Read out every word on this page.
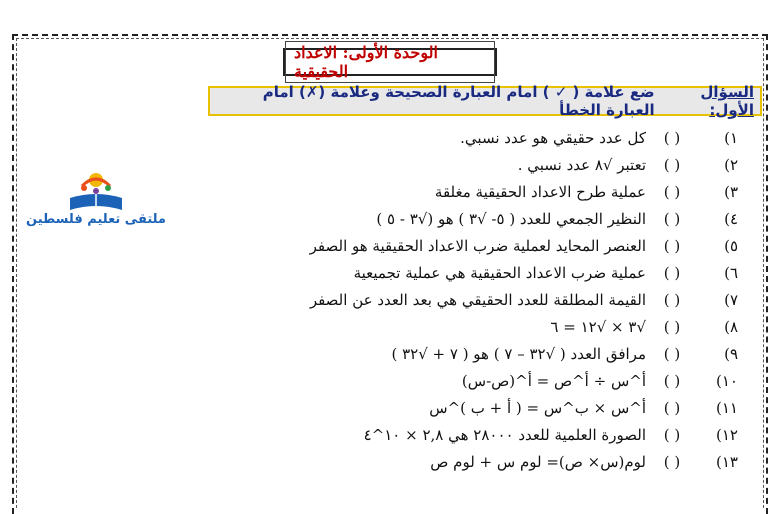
الوحدة الأولى: الاعداد الحقيقية
السؤال الأول:
ضع علامة ( ✓ ) امام العبارة الصحيحة وعلامة (✗) امام العبارة الخطأ
ملتقى تعليم فلسطين
١)
( )
كل عدد حقيقي هو عدد نسبي.
٢)
( )
تعتبر √٨ عدد نسبي .
٣)
( )
عملية طرح الاعداد الحقيقية مغلقة
٤)
( )
النظير الجمعي للعدد ( ٥- √٣ ) هو (√٣ - ٥ )
٥)
( )
العنصر المحايد لعملية ضرب الاعداد الحقيقية هو الصفر
٦)
( )
عملية ضرب الاعداد الحقيقية هي عملية تجميعية
٧)
( )
القيمة المطلقة للعدد الحقيقي هي بعد العدد عن الصفر
٨)
( )
√٣ × √١٢ = ٦
٩)
( )
مرافق العدد ( √٣٢ – ٧ ) هو ( ٧ + √٣٢ )
١٠)
( )
أ^س ÷ أ^ص = أ^(ص-س)
١١)
( )
أ^س × ب^س = ( أ + ب )^س
١٢)
( )
الصورة العلمية للعدد ٢٨٠٠٠ هي ٢,٨ × ١٠^٤
١٣)
( )
لوم(س× ص)= لوم س + لوم ص
